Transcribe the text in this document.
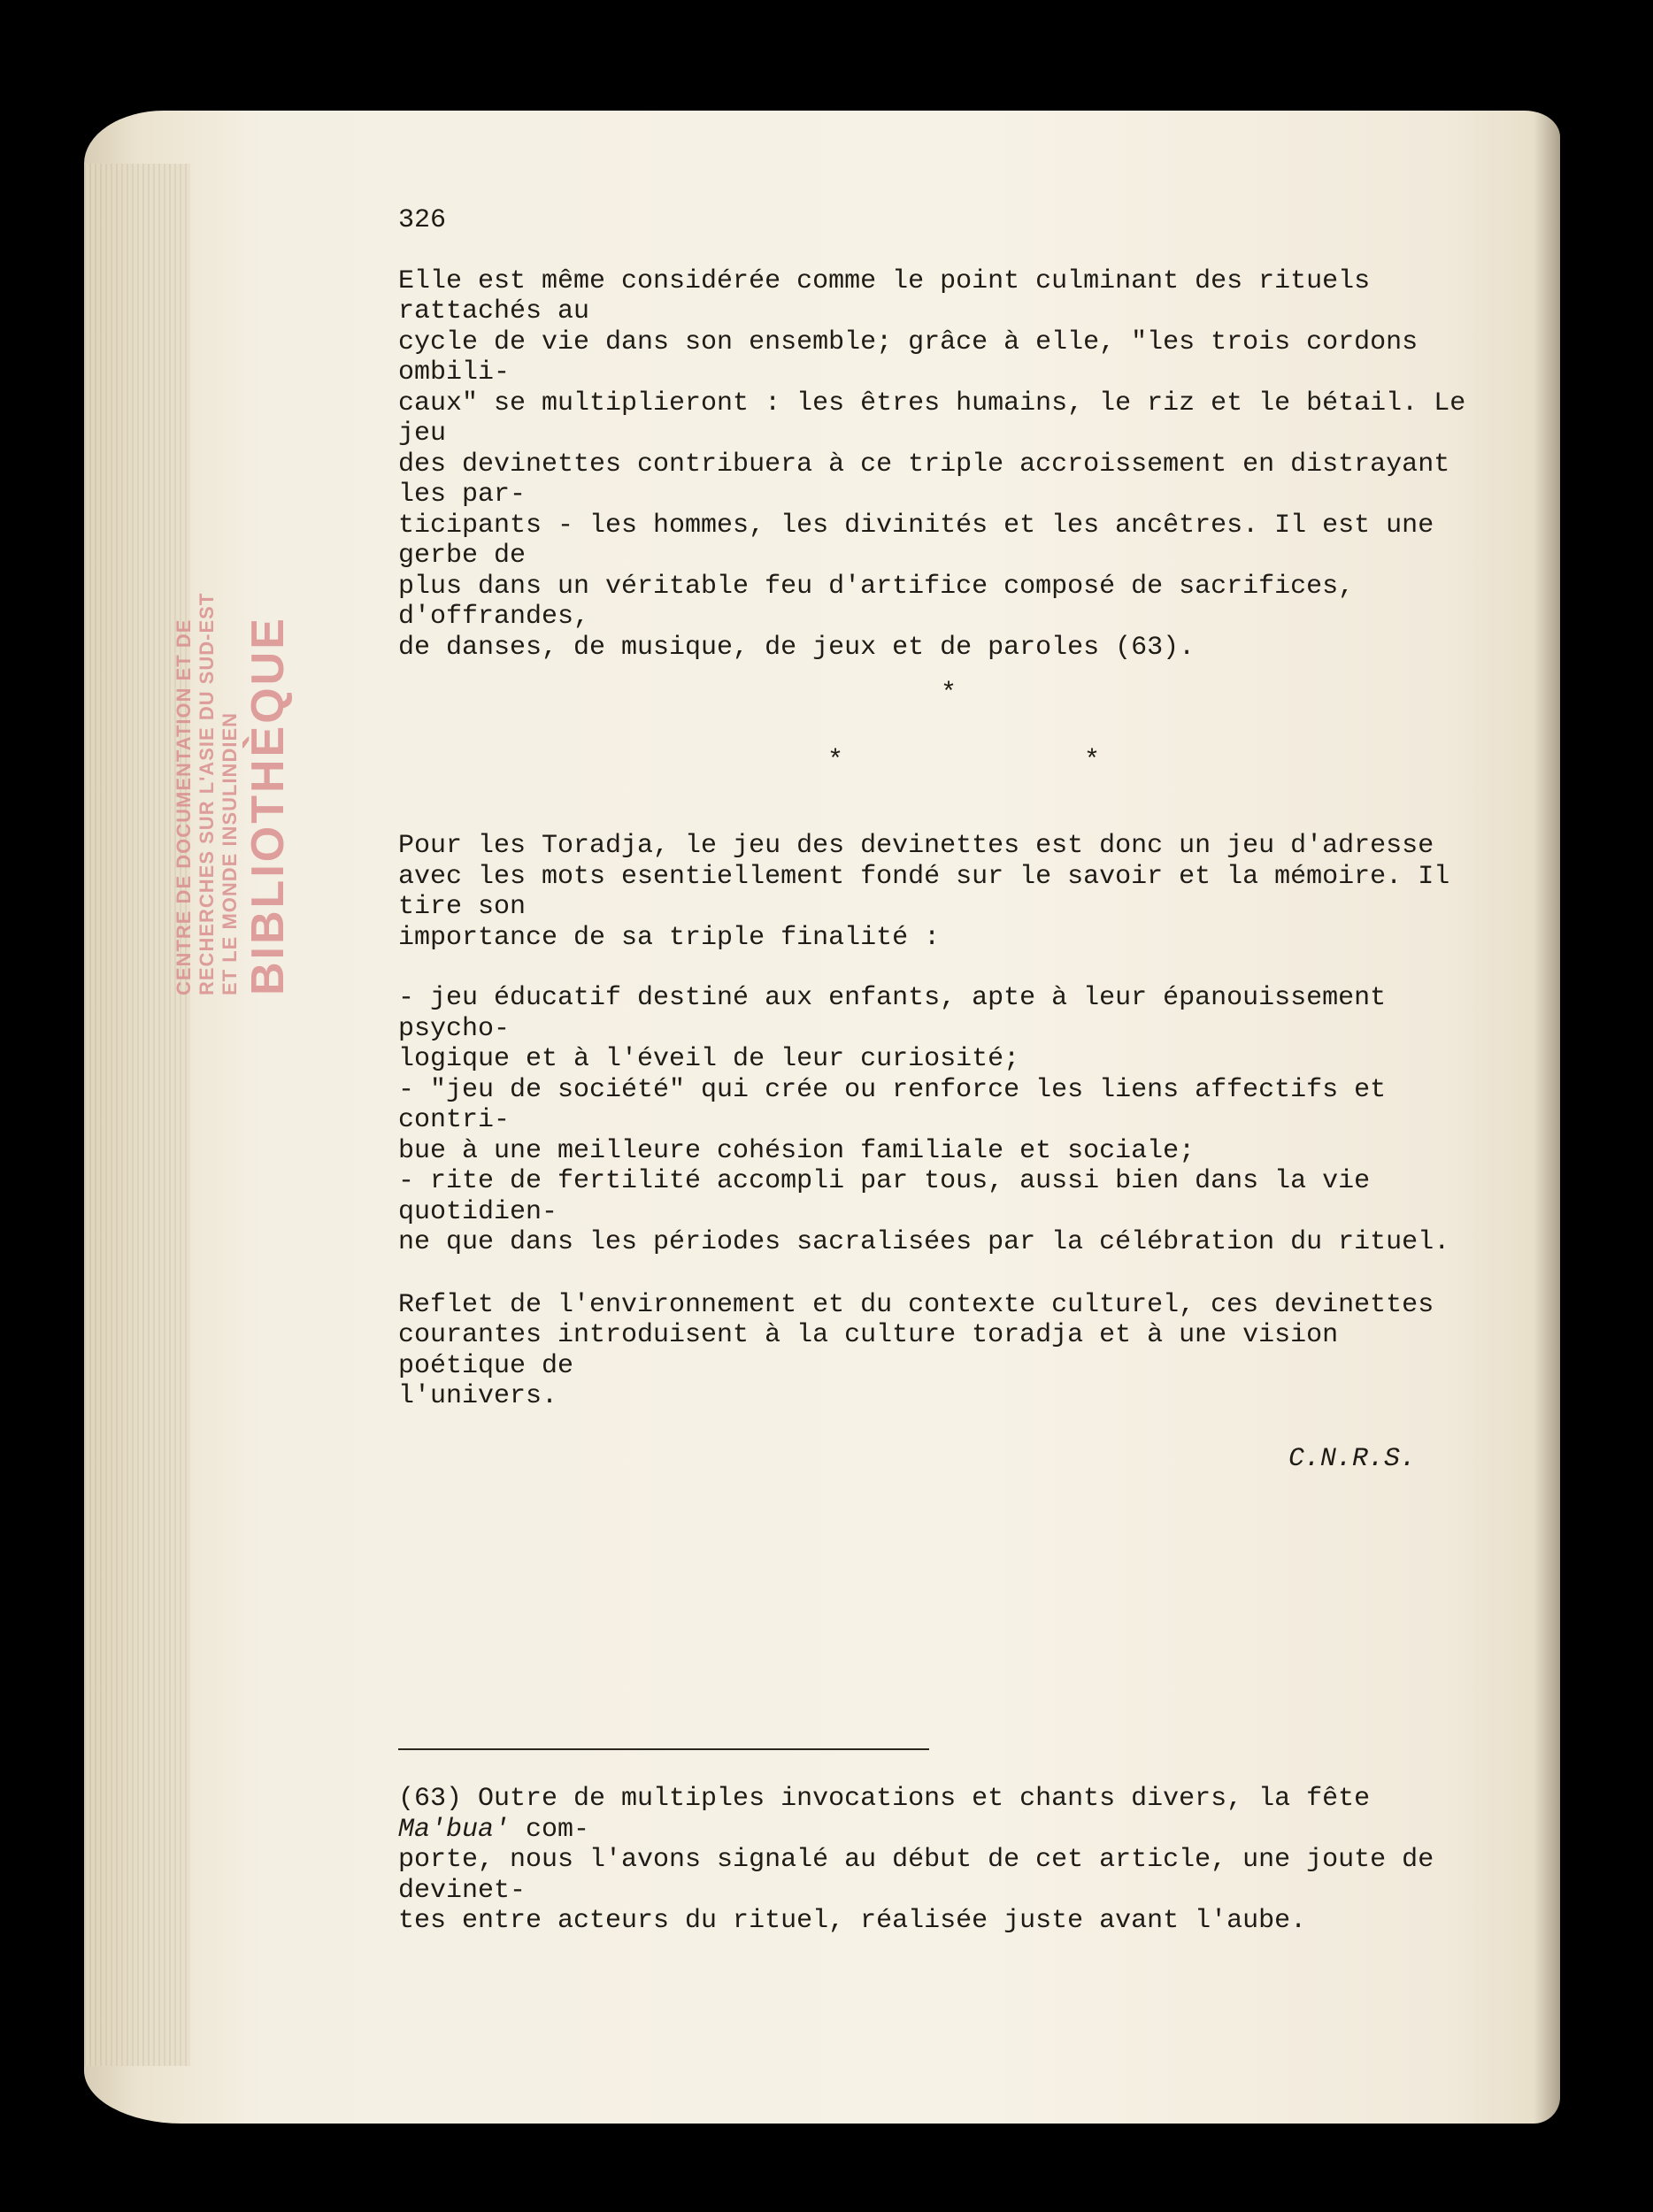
CENTRE DE DOCUMENTATION ET DE RECHERCHES SUR L'ASIE DU SUD-EST ET LE MONDE INSULINDIEN BIBLIOTHÈQUE
326

Elle est même considérée comme le point culminant des rituels rattachés au
cycle de vie dans son ensemble; grâce à elle, "les trois cordons ombili-
caux" se multiplieront : les êtres humains, le riz et le bétail. Le jeu
des devinettes contribuera à ce triple accroissement en distrayant les par-
ticipants - les hommes, les divinités et les ancêtres. Il est une gerbe de
plus dans un véritable feu d'artifice composé de sacrifices, d'offrandes,
de danses, de musique, de jeux et de paroles (63).

*
*	*

Pour les Toradja, le jeu des devinettes est donc un jeu d'adresse
avec les mots esentiellement fondé sur le savoir et la mémoire. Il tire son
importance de sa triple finalité :

- jeu éducatif destiné aux enfants, apte à leur épanouissement psycho-
logique et à l'éveil de leur curiosité;
- "jeu de société" qui crée ou renforce les liens affectifs et contri-
bue à une meilleure cohésion familiale et sociale;
- rite de fertilité accompli par tous, aussi bien dans la vie quotidien-
ne que dans les périodes sacralisées par la célébration du rituel.

Reflet de l'environnement et du contexte culturel, ces devinettes
courantes introduisent à la culture toradja et à une vision poétique de
l'univers.

C.N.R.S.

(63) Outre de multiples invocations et chants divers, la fête Ma'bua' com-
porte, nous l'avons signalé au début de cet article, une joute de devinet-
tes entre acteurs du rituel, réalisée juste avant l'aube.
